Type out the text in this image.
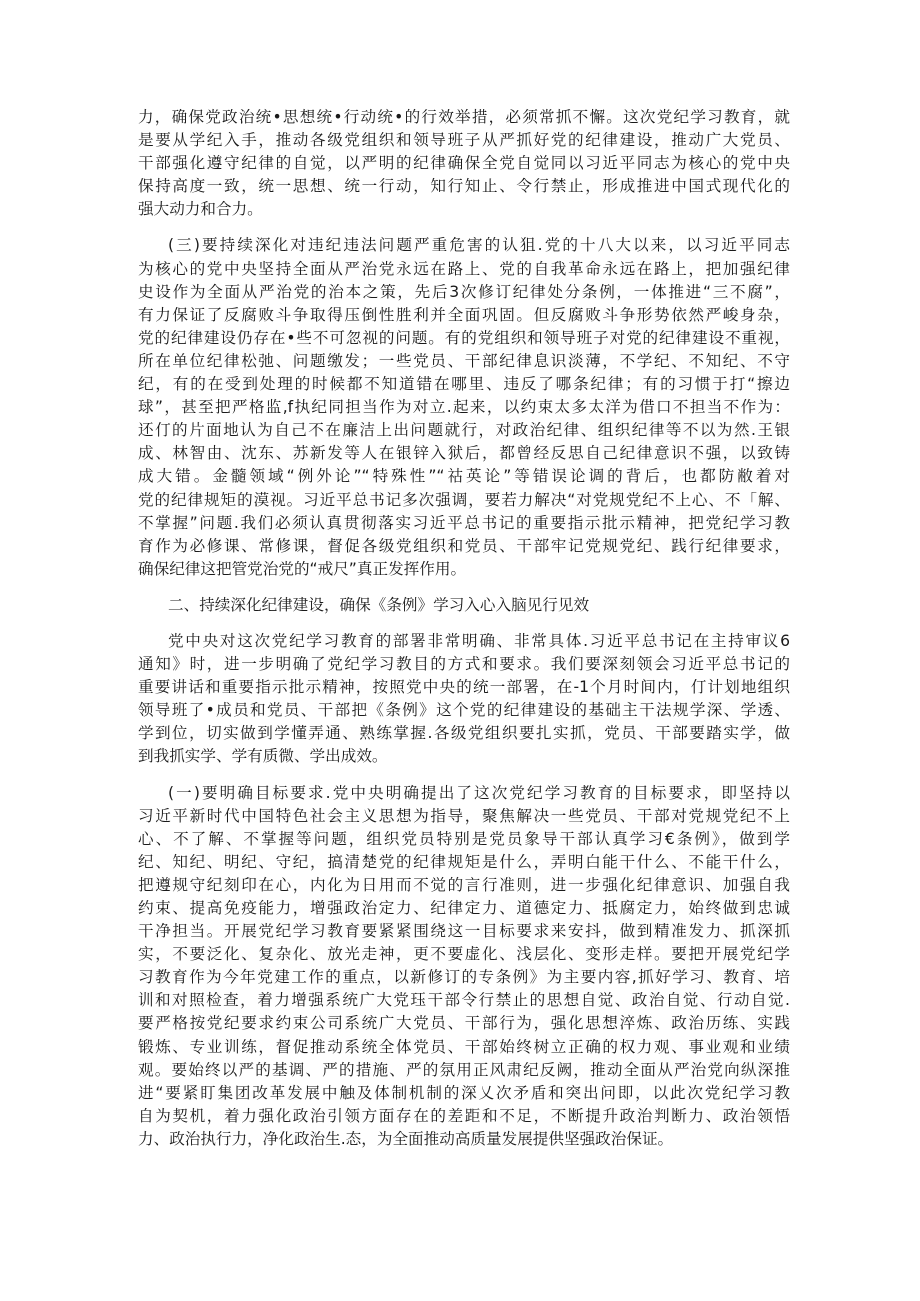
力，确保党政治统•思想统•行动统•的行效举措，必须常抓不懈。这次党纪学习教育，就
是要从学纪入手，推动各级党组织和领导班子从严抓好党的纪律建设，推动广大党员、
干部强化遵守纪律的自觉，以严明的纪律确保全党自觉同以习近平同志为核心的党中央
保持高度一致，统一思想、统一行动，知行知止、令行禁止，形成推进中国式现代化的
强大动力和合力。
(三)要持续深化对违纪违法问题严重危害的认狙.党的十八大以来，以习近平同志
为核心的党中央坚持全面从严治党永远在路上、党的自我革命永远在路上，把加强纪律
史设作为全面从严治党的治本之策，先后3次修订纪律处分条例，一体推进“三不腐”，
有力保证了反腐败斗争取得压倒性胜利并全面巩固。但反腐败斗争形势依然严峻身杂，
党的纪律建设仍存在•些不可忽视的问题。有的党组织和领导班子对党的纪律建设不重视，
所在单位纪律松弛、问题缴发；一些党员、干部纪律息识淡薄，不学纪、不知纪、不守
纪，有的在受到处理的时候都不知道错在哪里、违反了哪条纪律；有的习惯于打“擦边
球”，甚至把严格监,f执纪同担当作为对立.起来，以约束太多太洋为借口不担当不作为：
还仃的片面地认为自己不在廉洁上出问题就行，对政治纪律、组织纪律等不以为然.王银
成、林智由、沈东、苏新发等人在银锌入狱后，都曾经反思自己纪律意识不强，以致铸
成大错。金髓领域“例外论”“特殊性”“祜英论”等错误论调的背后，也都防敝着对
党的纪律规矩的漠视。习近平总书记多次强调，要若力解决“对党规党纪不上心、不「解、
不掌握”问题.我们必须认真贯彻落实习近平总书记的重要指示批示精神，把党纪学习教
育作为必修课、常修课，督促各级党组织和党员、干部牢记党规党纪、践行纪律要求，
确保纪律这把管党治党的“戒尺”真正发挥作用。
二、持续深化纪律建设，确保《条例》学习入心入脑见行见效
党中央对这次党纪学习教育的部署非常明确、非常具体.习近平总书记在主持审议6
通知》时，进一步明确了党纪学习教目的方式和要求。我们要深刻领会习近平总书记的
重要讲话和重要指示批示精神，按照党中央的统一部署，在-1个月时间内，仃计划地组织
领导班了•成员和党员、干部把《条例》这个党的纪律建设的基础主干法规学深、学透、
学到位，切实做到学懂弄通、熟练掌握.各级党组织要扎实抓，党员、干部要踏实学，做
到我抓实学、学有质微、学出成效。
(一)要明确目标要求.党中央明确提出了这次党纪学习教育的目标要求，即坚持以
习近平新时代中国特色社会主义思想为指导，聚焦解决一些党员、干部对党规党纪不上
心、不了解、不掌握等问题，组织党员特别是党员象导干部认真学习€条例》，做到学
纪、知纪、明纪、守纪，搞清楚党的纪律规矩是什么，弄明白能干什么、不能干什么，
把遵规守纪刻印在心，内化为日用而不觉的言行准则，进一步强化纪律意识、加强自我
约束、提高免疫能力，增强政治定力、纪律定力、道德定力、抵腐定力，始终做到忠诚
干净担当。开展党纪学习教育要紧紧围绕这一目标要求来安抖，做到精准发力、抓深抓
实，不要泛化、复杂化、放光走神，更不要虚化、浅层化、变形走样。要把开展党纪学
习教育作为今年党建工作的重点，以新修订的专条例》为主要内容,抓好学习、教育、培
训和对照检查，着力增强系统广大党珏干部令行禁止的思想自觉、政治自觉、行动自觉.
要严格按党纪要求约束公司系统广大党员、干部行为，强化思想淬炼、政治历练、实践
锻炼、专业训练，督促推动系统全体党员、干部始终树立正确的权力观、事业观和业绩
观。要始终以严的基调、严的措施、严的氛用正风肃纪反阙，推动全面从严治党向纵深推
进“要紧盯集团改革发展中触及体制机制的深乂次矛盾和突出问即，以此次党纪学习教
自为契机，着力强化政治引领方面存在的差距和不足，不断提升政治判断力、政治领悟
力、政治执行力，净化政治生.态，为全面推动高质量发展提供坚强政治保证。
